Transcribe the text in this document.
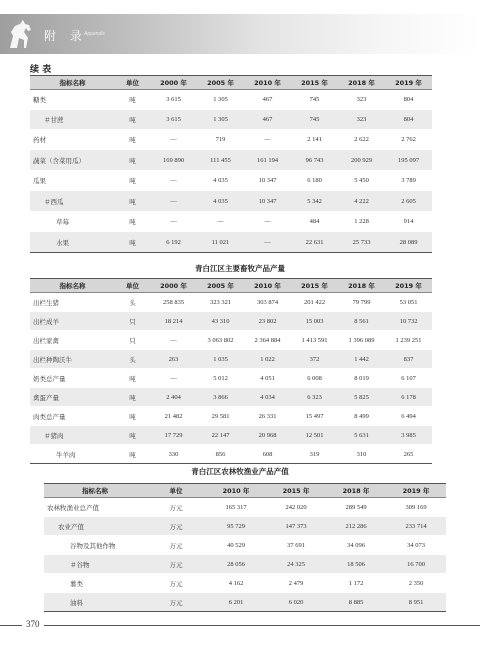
附 录
Appendix
续 表
指标名称	单位	2000 年	2005 年	2010 年	2015 年	2018 年	2019 年
糖类	吨	3 615	1 305	467	745	323	804
＃甘蔗	吨	3 615	1 305	467	745	323	804
药材	吨	—	719	—	2 141	2 622	2 762
蔬菜（含菜用瓜）	吨	169 890	111 455	161 194	96 743	200 929	195 097
瓜果	吨	—	4 035	10 347	6 180	5 450	3 789
＃西瓜	吨	—	4 035	10 347	5 342	4 222	2 605
草莓	吨	—	—	—	484	1 228	914
水果	吨	6 192	11 021	—	22 631	25 733	28 089
青白江区主要畜牧产品产量
指标名称	单位	2000 年	2005 年	2010 年	2015 年	2018 年	2019 年
出栏生猪	头	258 835	323 321	303 874	201 422	79 799	53 051
出栏成羊	只	18 214	43 310	23 802	15 003	8 561	10 732
出栏家禽	只	—	3 063 802	2 364 884	1 413 591	1 396 089	1 239 251
出栏种陶沃牛	头	263	1 035	1 022	372	1 442	837
奶类总产量	吨	—	5 012	4 051	6 008	8 019	6 107
禽蛋产量	吨	2 404	3 866	4 034	6 323	5 825	6 178
肉类总产量	吨	21 482	29 581	26 331	15 497	8 499	6 494
＃猪肉	吨	17 729	22 147	20 968	12 501	5 631	3 985
牛羊肉	吨	330	856	608	319	310	265
青白江区农林牧渔业产品产值
指标名称	单位	2010 年	2015 年	2018 年	2019 年
农林牧渔业总产值	万元	165 317	242 020	289 549	309 169
农业产值	万元	95 729	147 373	212 286	233 714
谷物及其他作物	万元	40 529	37 691	34 096	34 073
＃谷物	万元	28 056	24 325	18 506	16 700
薯类	万元	4 162	2 479	1 172	2 350
油料	万元	6 201	6 020	8 885	8 951
370
